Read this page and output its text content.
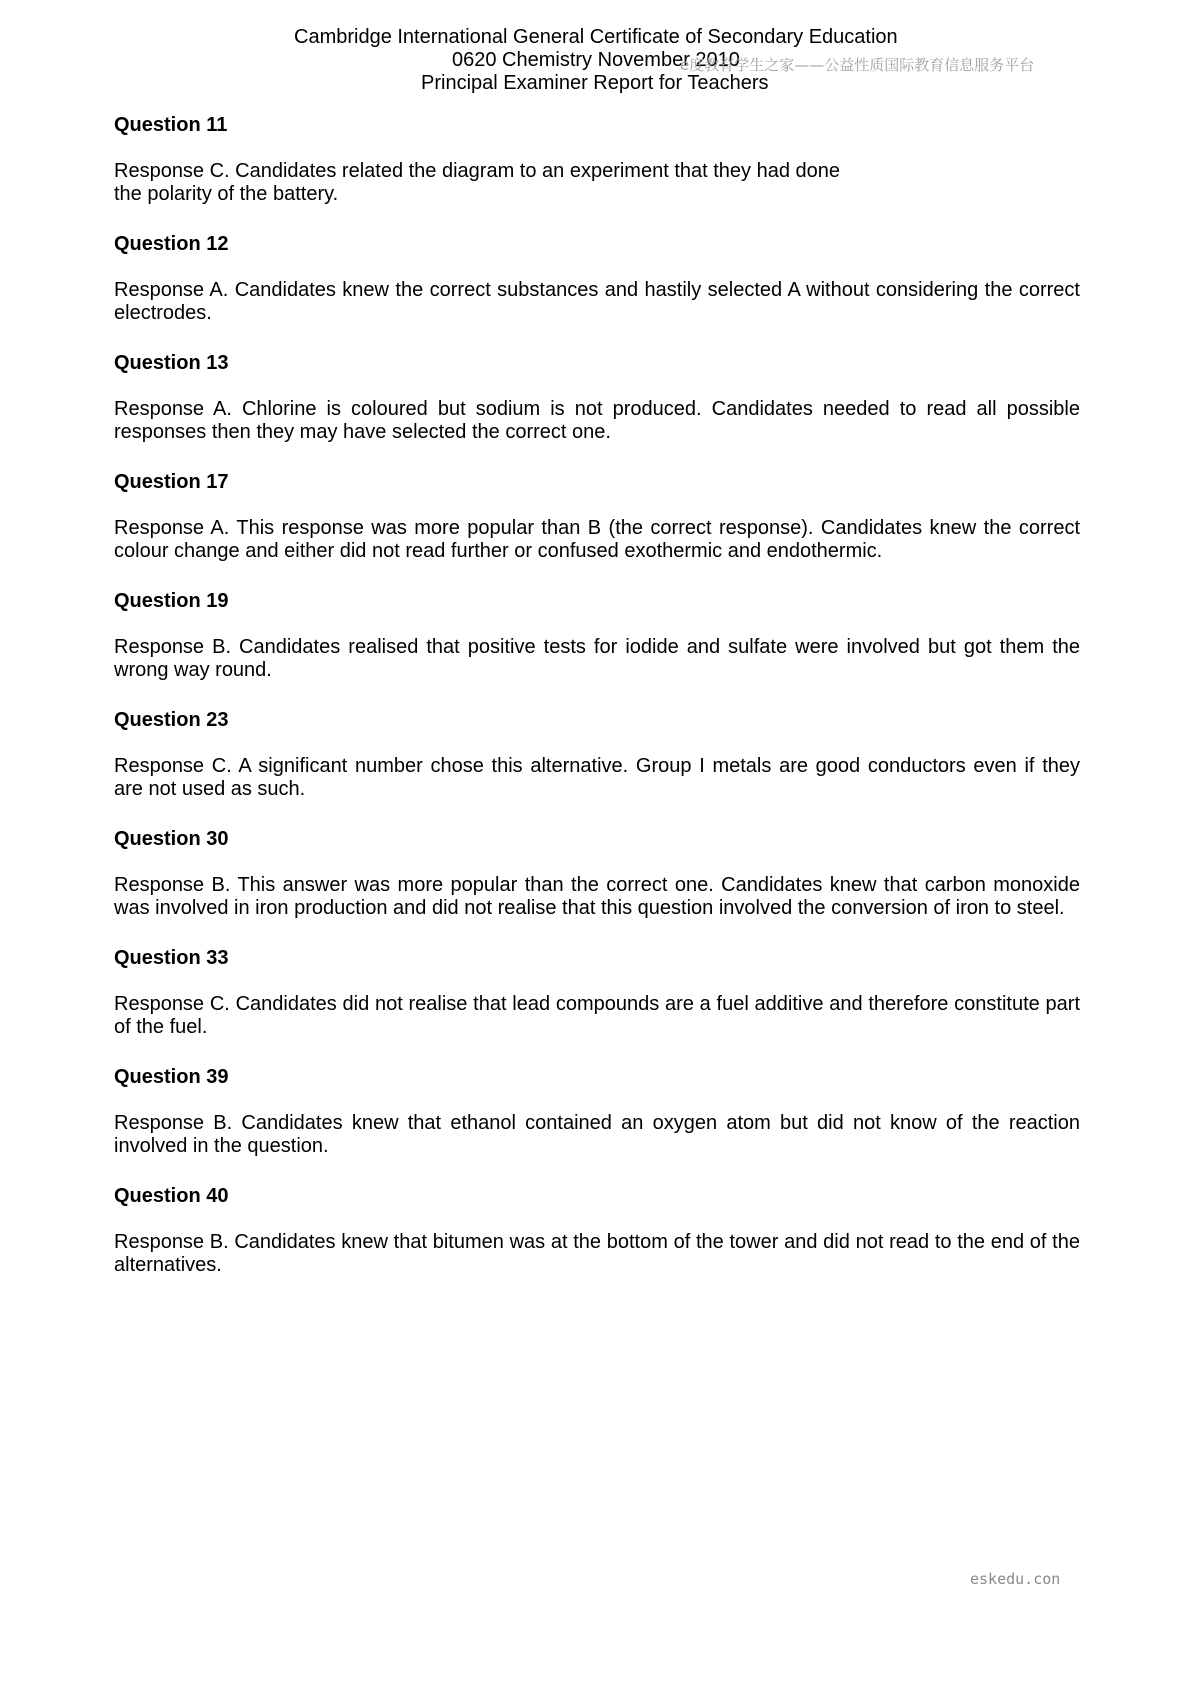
Cambridge International General Certificate of Secondary Education
0620 Chemistry November 2010
Principal Examiner Report for Teachers
e度教育学生之家——公益性质国际教育信息服务平台
Question 11

Response C. Candidates related the diagram to an experiment that they had done
the polarity of the battery.

Question 12

Response A. Candidates knew the correct substances and hastily selected A without considering the correct electrodes.

Question 13

Response A. Chlorine is coloured but sodium is not produced. Candidates needed to read all possible responses then they may have selected the correct one.

Question 17

Response A. This response was more popular than B (the correct response). Candidates knew the correct colour change and either did not read further or confused exothermic and endothermic.

Question 19

Response B. Candidates realised that positive tests for iodide and sulfate were involved but got them the wrong way round.

Question 23

Response C. A significant number chose this alternative. Group I metals are good conductors even if they are not used as such.

Question 30

Response B. This answer was more popular than the correct one. Candidates knew that carbon monoxide was involved in iron production and did not realise that this question involved the conversion of iron to steel.

Question 33

Response C. Candidates did not realise that lead compounds are a fuel additive and therefore constitute part of the fuel.

Question 39

Response B. Candidates knew that ethanol contained an oxygen atom but did not know of the reaction involved in the question.

Question 40

Response B. Candidates knew that bitumen was at the bottom of the tower and did not read to the end of the alternatives.

eskedu.con
